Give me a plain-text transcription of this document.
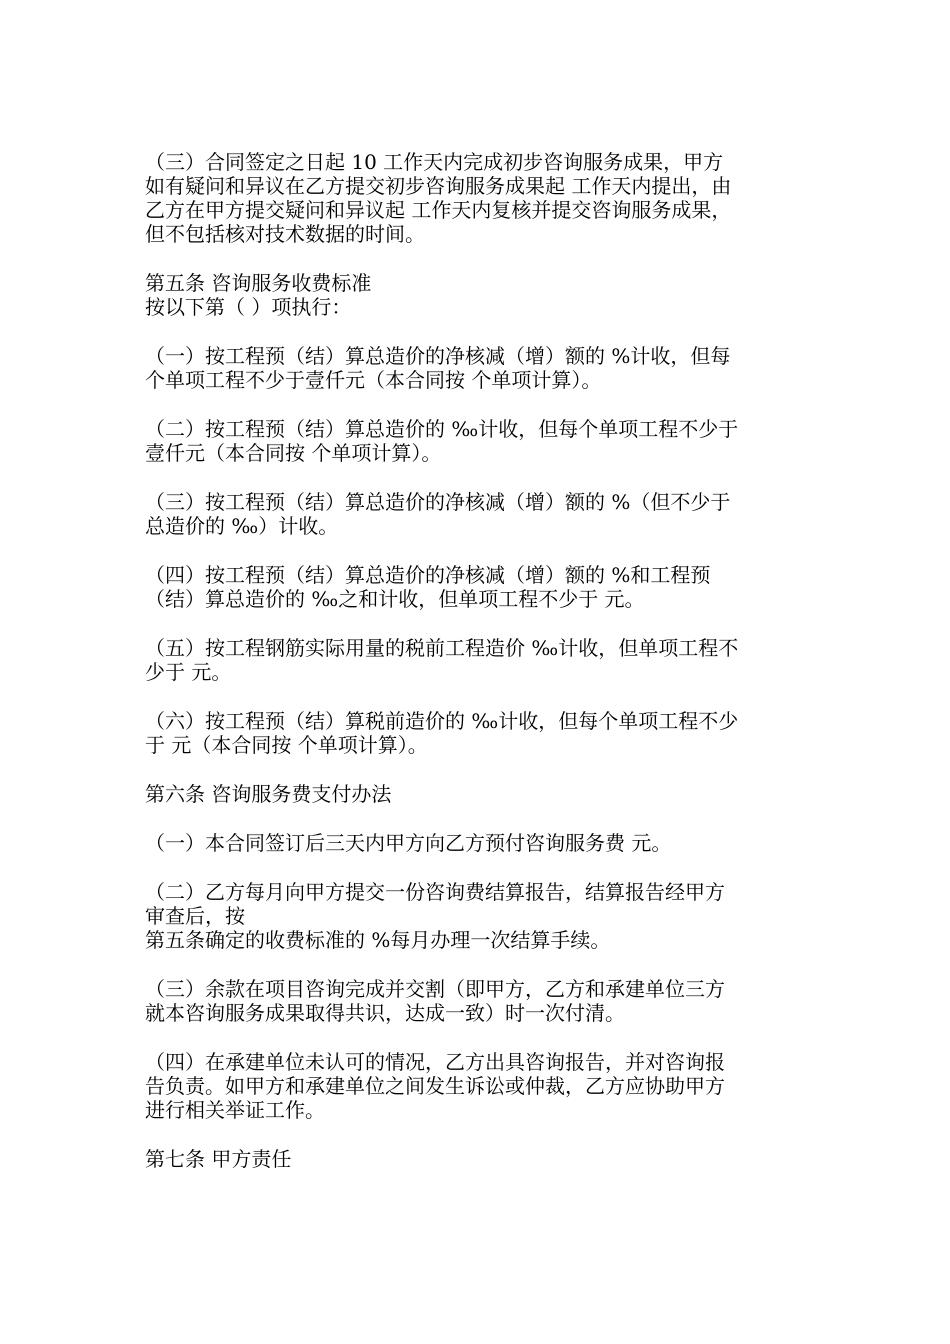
（三）合同签定之日起 10 工作天内完成初步咨询服务成果，甲方
如有疑问和异议在乙方提交初步咨询服务成果起 工作天内提出，由
乙方在甲方提交疑问和异议起 工作天内复核并提交咨询服务成果，
但不包括核对技术数据的时间。
第五条 咨询服务收费标准
按以下第（ ）项执行：
（一）按工程预（结）算总造价的净核减（增）额的 %计收，但每
个单项工程不少于壹仟元（本合同按 个单项计算）。
（二）按工程预（结）算总造价的 ‰计收，但每个单项工程不少于
壹仟元（本合同按 个单项计算）。
（三）按工程预（结）算总造价的净核减（增）额的 %（但不少于
总造价的 ‰）计收。
（四）按工程预（结）算总造价的净核减（增）额的 %和工程预
（结）算总造价的 ‰之和计收，但单项工程不少于 元。
（五）按工程钢筋实际用量的税前工程造价 ‰计收，但单项工程不
少于 元。
（六）按工程预（结）算税前造价的 ‰计收，但每个单项工程不少
于 元（本合同按 个单项计算）。
第六条 咨询服务费支付办法
（一）本合同签订后三天内甲方向乙方预付咨询服务费 元。
（二）乙方每月向甲方提交一份咨询费结算报告，结算报告经甲方
审查后，按
第五条确定的收费标准的 %每月办理一次结算手续。
（三）余款在项目咨询完成并交割（即甲方，乙方和承建单位三方
就本咨询服务成果取得共识，达成一致）时一次付清。
（四）在承建单位未认可的情况，乙方出具咨询报告，并对咨询报
告负责。如甲方和承建单位之间发生诉讼或仲裁，乙方应协助甲方
进行相关举证工作。
第七条 甲方责任
